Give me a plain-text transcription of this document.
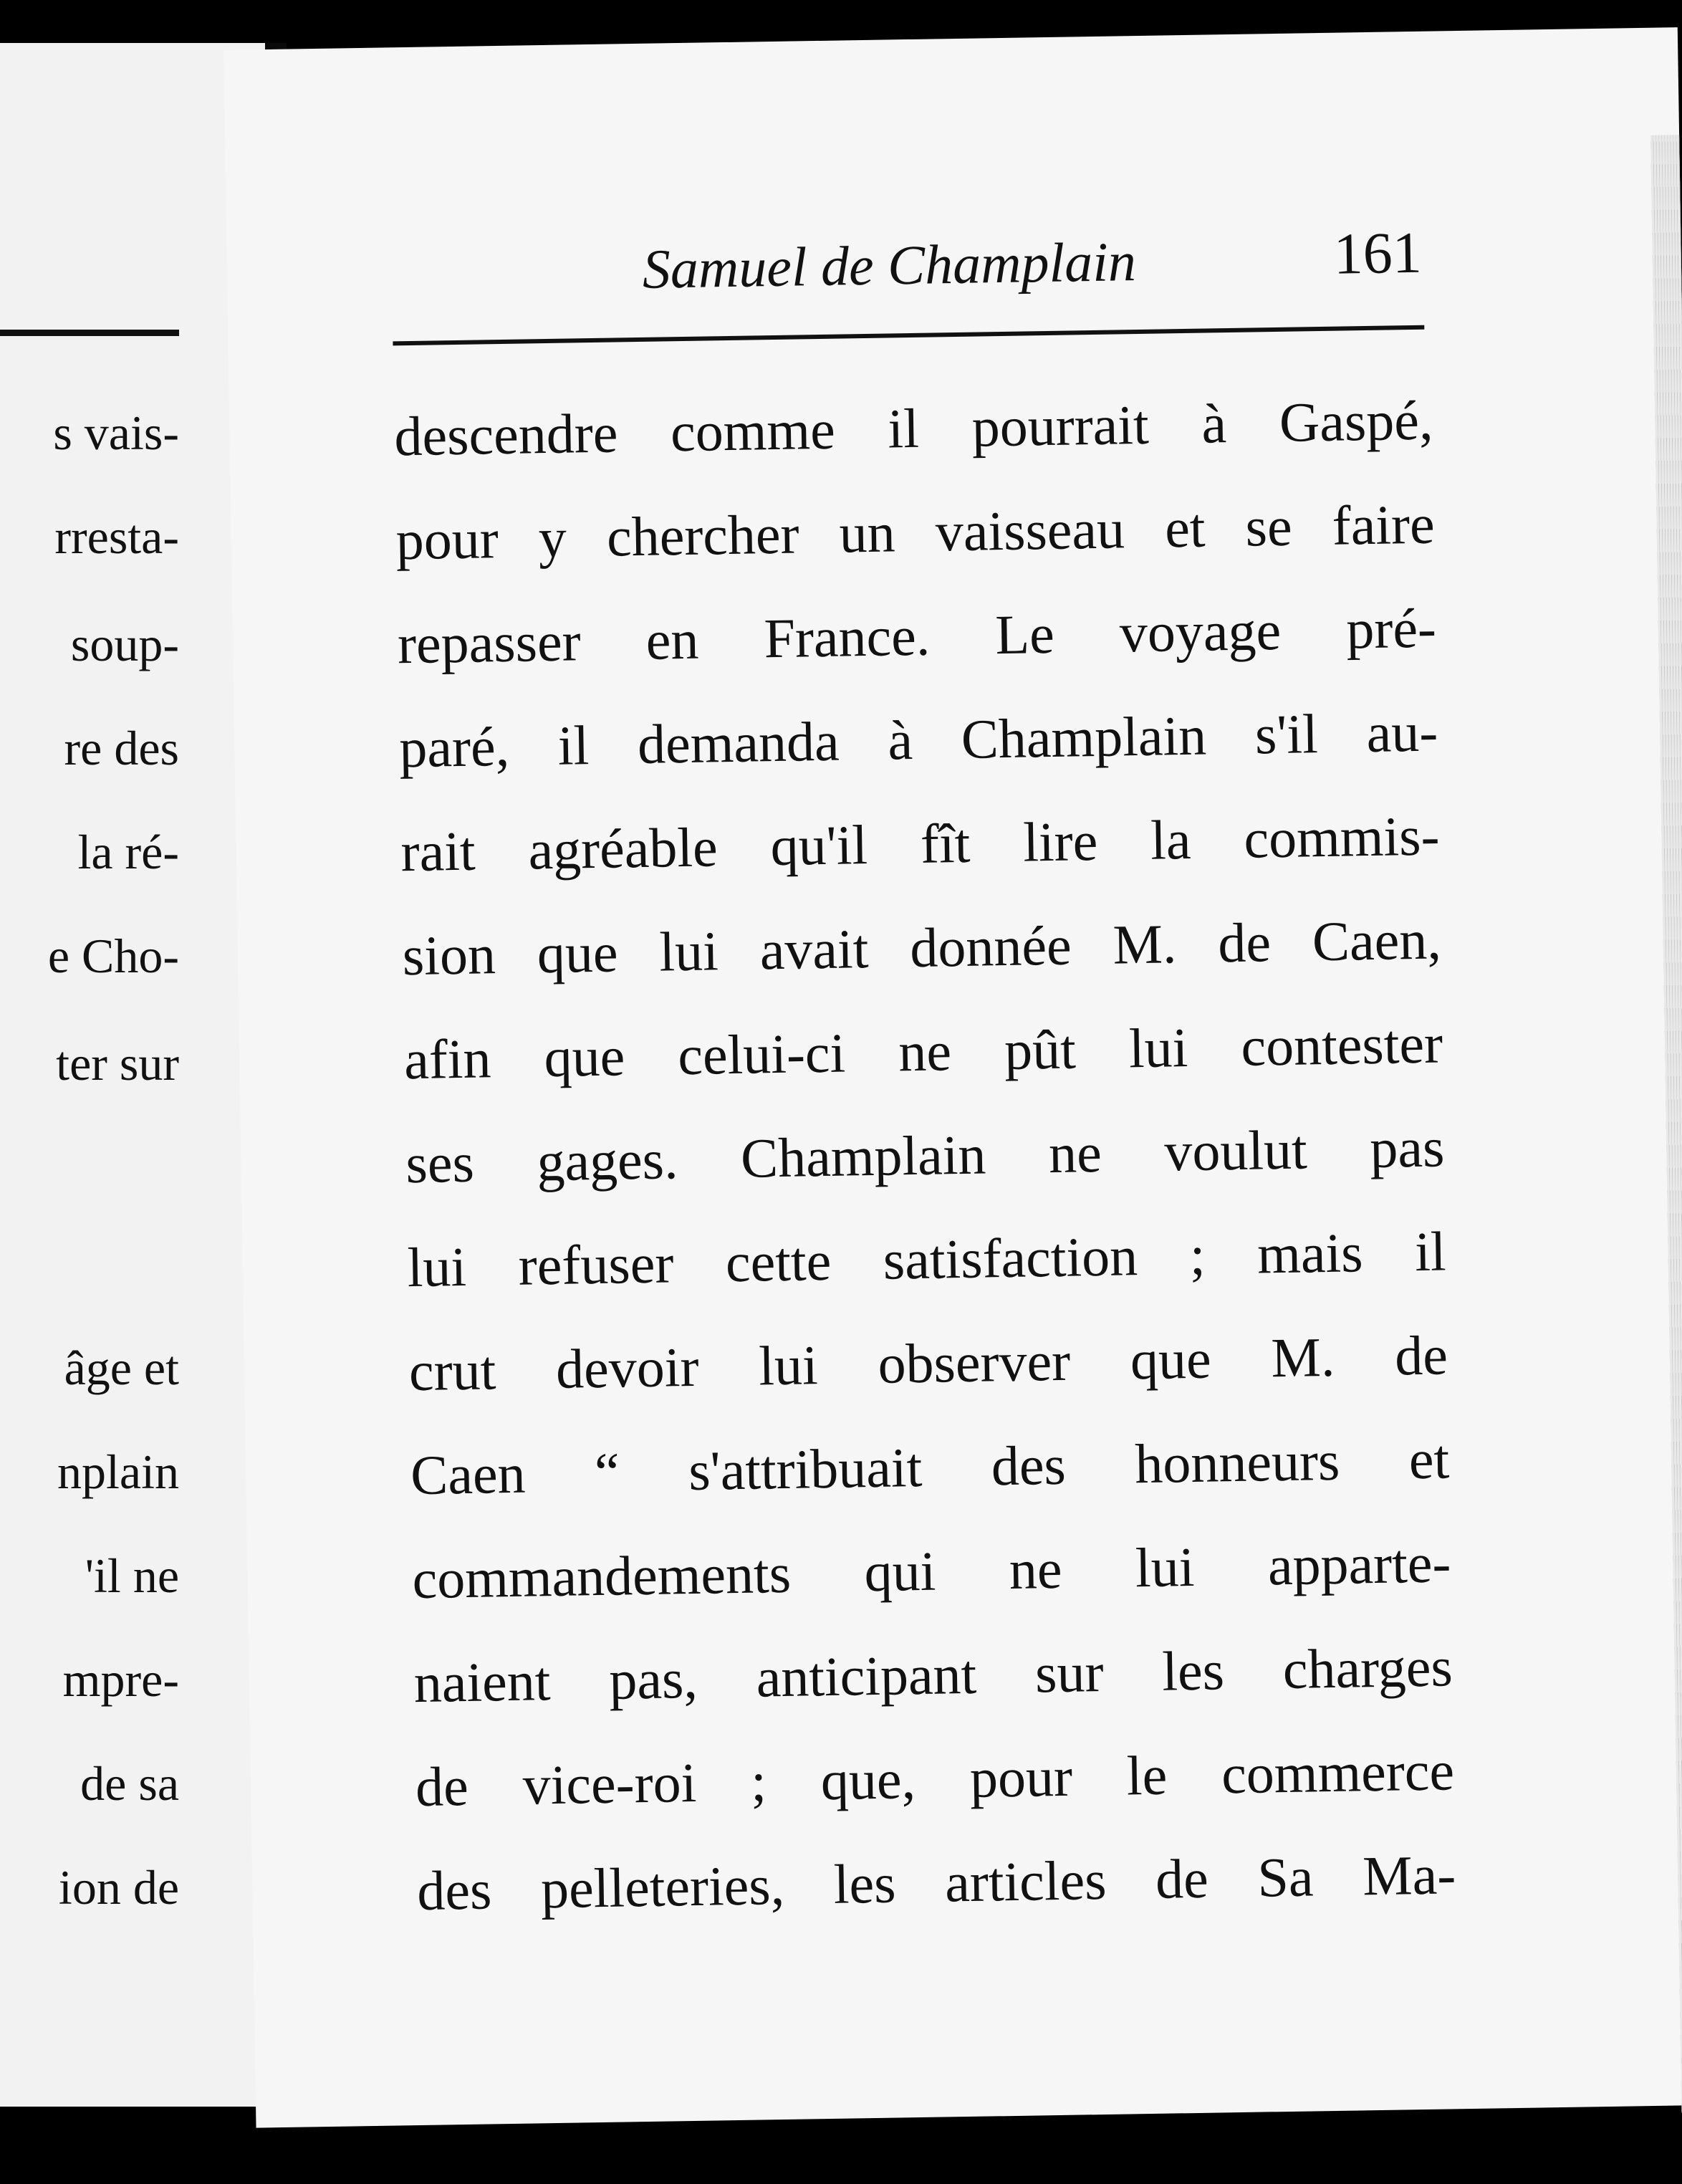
s vais-
rresta-
soup-
re des
la ré-
e Cho-
ter sur
âge et
nplain
'il ne
mpre-
de sa
ion de
Samuel de Champlain	161
descendre comme il pourrait à Gaspé,
pour y chercher un vaisseau et se faire
repasser en France. Le voyage pré-
paré, il demanda à Champlain s'il au-
rait agréable qu'il fît lire la commis-
sion que lui avait donnée M. de Caen,
afin que celui-ci ne pût lui contester
ses gages. Champlain ne voulut pas
lui refuser cette satisfaction ; mais il
crut devoir lui observer que M. de
Caen “ s'attribuait des honneurs et
commandements qui ne lui apparte-
naient pas, anticipant sur les charges
de vice-roi ; que, pour le commerce
des pelleteries, les articles de Sa Ma-
